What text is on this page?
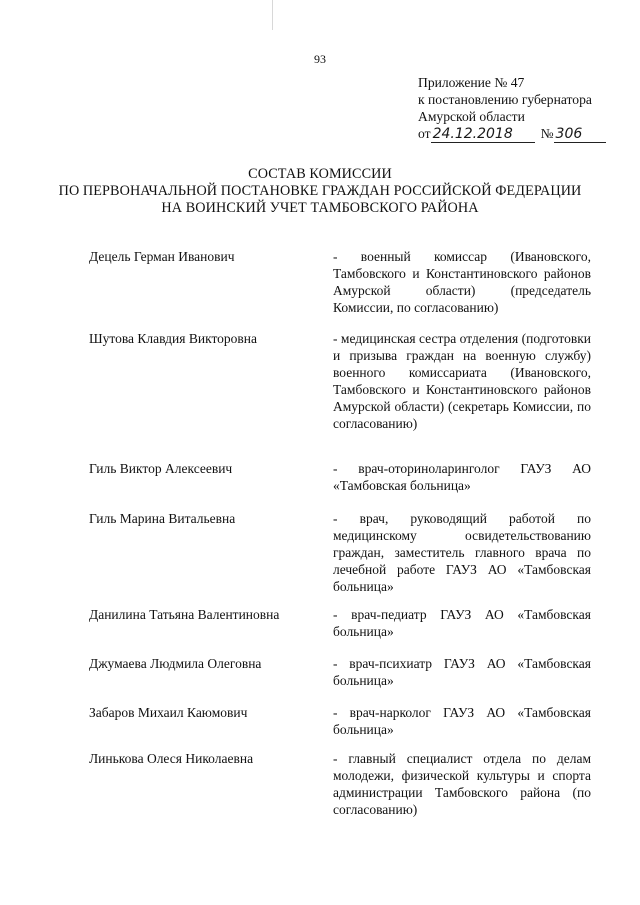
93
Приложение № 47
к постановлению губернатора
Амурской области
от 24.12.2018	№ 306
СОСТАВ КОМИССИИ
ПО ПЕРВОНАЧАЛЬНОЙ ПОСТАНОВКЕ ГРАЖДАН РОССИЙСКОЙ ФЕДЕРАЦИИ
НА ВОИНСКИЙ УЧЕТ ТАМБОВСКОГО РАЙОНА
Децель Герман Иванович	- военный комиссар (Ивановского, Тамбовского и Константиновского районов Амурской области) (председатель Комиссии, по согласованию)
Шутова Клавдия Викторовна	- медицинская сестра отделения (подготовки и призыва граждан на военную службу) военного комиссариата (Ивановского, Тамбовского и Константиновского районов Амурской области) (секретарь Комиссии, по согласованию)
Гиль Виктор Алексеевич	- врач-оториноларинголог ГАУЗ АО «Тамбовская больница»
Гиль Марина Витальевна	- врач, руководящий работой по медицинскому освидетельствованию граждан, заместитель главного врача по лечебной работе ГАУЗ АО «Тамбовская больница»
Данилина Татьяна Валентиновна	- врач-педиатр ГАУЗ АО «Тамбовская больница»
Джумаева Людмила Олеговна	- врач-психиатр ГАУЗ АО «Тамбовская больница»
Забаров Михаил Каюмович	- врач-нарколог ГАУЗ АО «Тамбовская больница»
Линькова Олеся Николаевна	- главный специалист отдела по делам молодежи, физической культуры и спорта администрации Тамбовского района (по согласованию)
